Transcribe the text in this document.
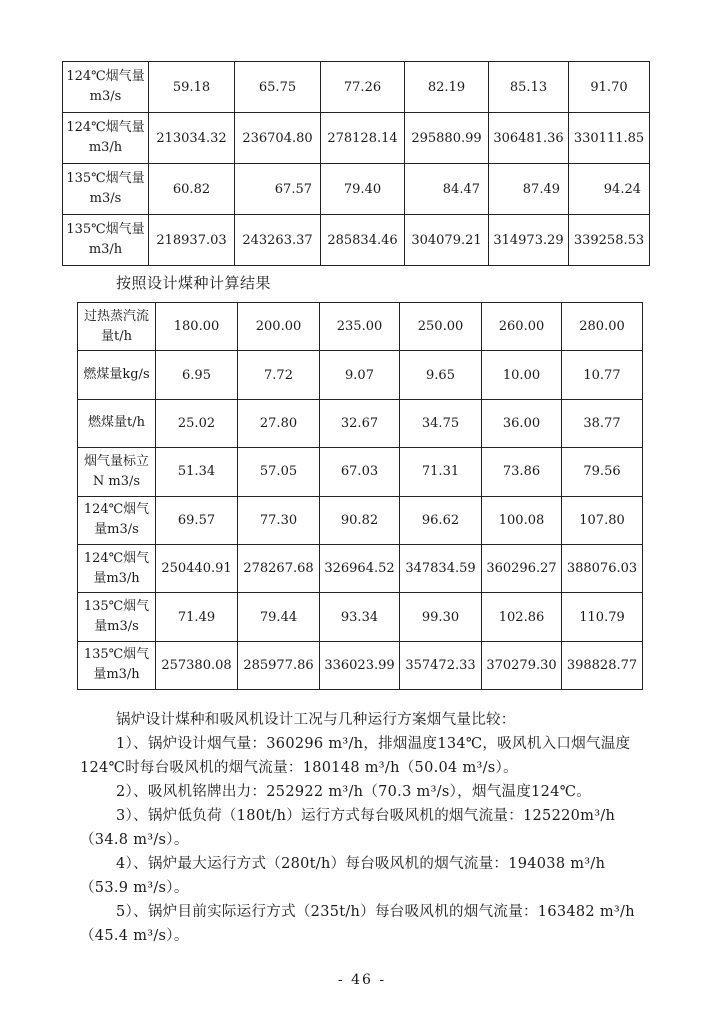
124℃烟气量m3/s	59.18	65.75	77.26	82.19	85.13	91.70
124℃烟气量m3/h	213034.32	236704.80	278128.14	295880.99	306481.36	330111.85
135℃烟气量m3/s	60.82	67.57	79.40	84.47	87.49	94.24
135℃烟气量m3/h	218937.03	243263.37	285834.46	304079.21	314973.29	339258.53
按照设计煤种计算结果
过热蒸汽流量t/h	180.00	200.00	235.00	250.00	260.00	280.00
燃煤量kg/s	6.95	7.72	9.07	9.65	10.00	10.77
燃煤量t/h	25.02	27.80	32.67	34.75	36.00	38.77
烟气量标立N m3/s	51.34	57.05	67.03	71.31	73.86	79.56
124℃烟气量m3/s	69.57	77.30	90.82	96.62	100.08	107.80
124℃烟气量m3/h	250440.91	278267.68	326964.52	347834.59	360296.27	388076.03
135℃烟气量m3/s	71.49	79.44	93.34	99.30	102.86	110.79
135℃烟气量m3/h	257380.08	285977.86	336023.99	357472.33	370279.30	398828.77

锅炉设计煤种和吸风机设计工况与几种运行方案烟气量比较：

1）、锅炉设计烟气量：360296 m³/h，排烟温度134℃，吸风机入口烟气温度124℃时每台吸风机的烟气流量：180148 m³/h（50.04 m³/s）。

2）、吸风机铭牌出力：252922 m³/h（70.3 m³/s），烟气温度124℃。

3）、锅炉低负荷（180t/h）运行方式每台吸风机的烟气流量：125220m³/h（34.8 m³/s）。

4）、锅炉最大运行方式（280t/h）每台吸风机的烟气流量：194038 m³/h（53.9 m³/s）。

5）、锅炉目前实际运行方式（235t/h）每台吸风机的烟气流量：163482 m³/h（45.4 m³/s）。

- 46 -
